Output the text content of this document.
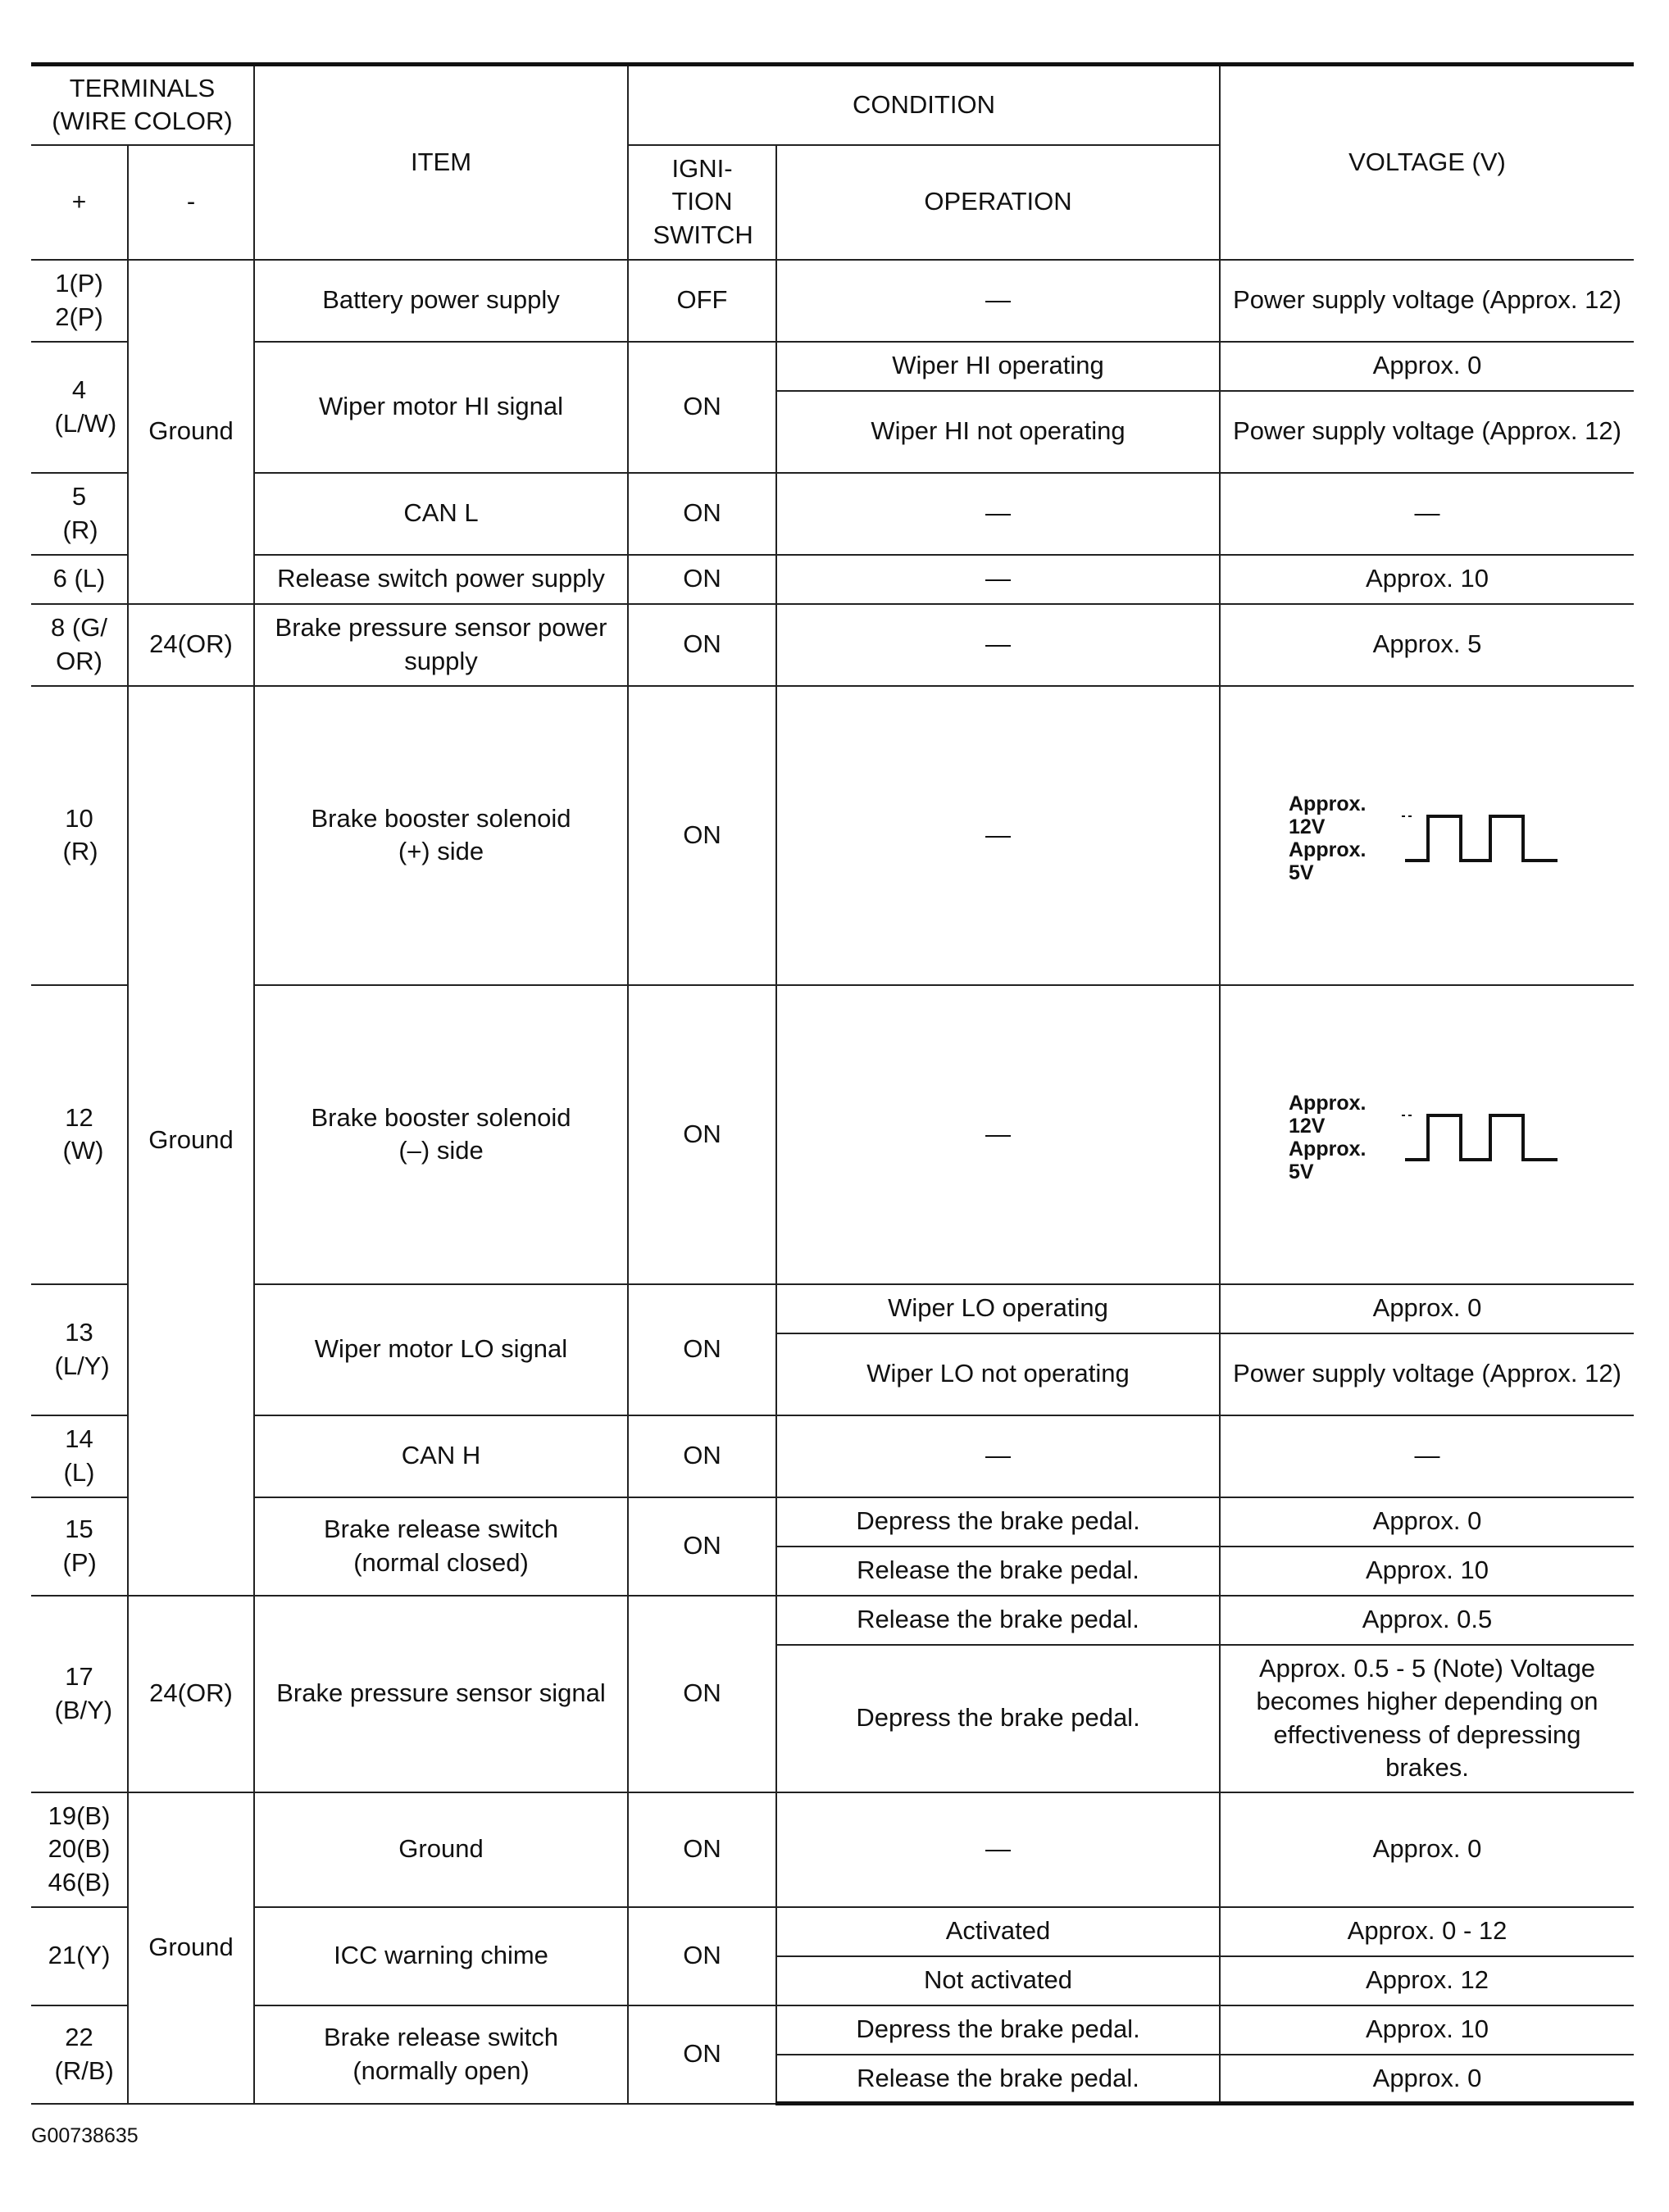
TERMINALS (WIRE COLOR)		ITEM	CONDITION		VOLTAGE (V)
+	-		IGNI- TION SWITCH	OPERATION	

1(P) 2(P)	Ground	Battery power supply	OFF	—	Power supply voltage (Approx. 12)

4 (L/W)		Wiper motor HI signal	ON	Wiper HI operating	Approx. 0
				Wiper HI not operating	Power supply voltage (Approx. 12)

5 (R)		CAN L	ON	—	—
6 (L)		Release switch power supply	ON	—	Approx. 10

8 (G/ OR)	24(OR)	Brake pressure sensor power supply	ON	—	Approx. 5

10 (R)	Ground	Brake booster solenoid (+) side	ON	—	Approx. 12V
Approx. 5V

12 (W)		Brake booster solenoid (–) side	ON	—	Approx. 12V
Approx. 5V

13 (L/Y)		Wiper motor LO signal	ON	Wiper LO operating	Approx. 0
				Wiper LO not operating	Power supply voltage (Approx. 12)

14 (L)		CAN H	ON	—	—

15 (P)		Brake release switch (normal closed)	ON	Depress the brake pedal.	Approx. 0
				Release the brake pedal.	Approx. 10

17 (B/Y)	24(OR)	Brake pressure sensor signal	ON	Release the brake pedal.	Approx. 0.5
				Depress the brake pedal.	Approx. 0.5 - 5 (Note) Voltage becomes higher depending on effectiveness of depressing brakes.

19(B) 20(B) 46(B)	Ground	Ground	ON	—	Approx. 0
21(Y)		ICC warning chime	ON	Activated	Approx. 0 - 12
				Not activated	Approx. 12

22 (R/B)		Brake release switch (normally open)	ON	Depress the brake pedal.	Approx. 10
				Release the brake pedal.	Approx. 0
G00738635
